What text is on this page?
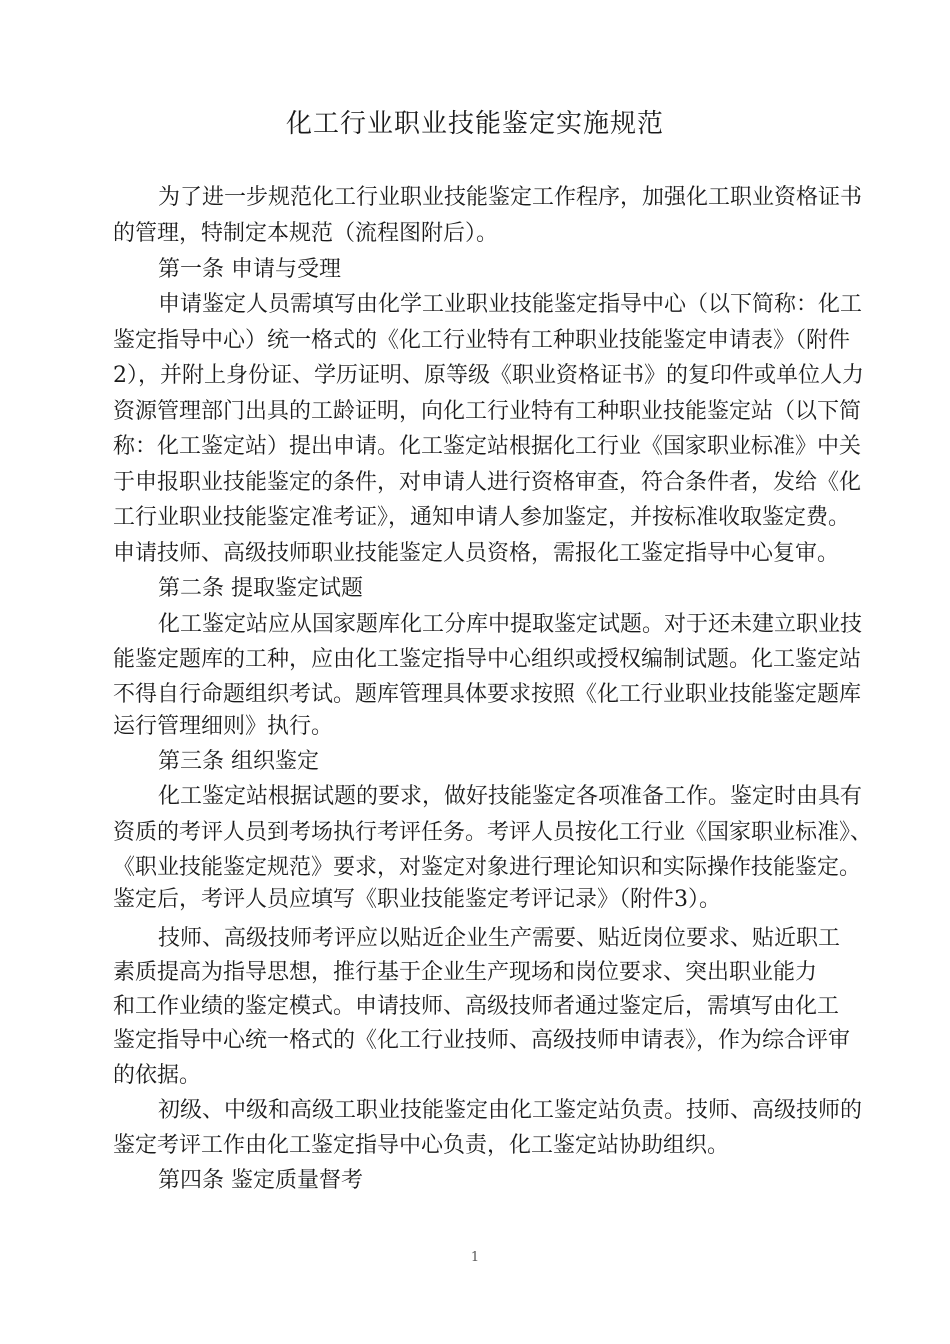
化工行业职业技能鉴定实施规范

为了进一步规范化工行业职业技能鉴定工作程序，加强化工职业资格证书

的管理，特制定本规范（流程图附后）。

第一条 申请与受理

申请鉴定人员需填写由化学工业职业技能鉴定指导中心（以下简称：化工

鉴定指导中心）统一格式的《化工行业特有工种职业技能鉴定申请表》（附件

2），并附上身份证、学历证明、原等级《职业资格证书》的复印件或单位人力

资源管理部门出具的工龄证明，向化工行业特有工种职业技能鉴定站（以下简

称：化工鉴定站）提出申请。化工鉴定站根据化工行业《国家职业标准》中关

于申报职业技能鉴定的条件，对申请人进行资格审查，符合条件者，发给《化

工行业职业技能鉴定准考证》，通知申请人参加鉴定，并按标准收取鉴定费。

申请技师、高级技师职业技能鉴定人员资格，需报化工鉴定指导中心复审。

第二条 提取鉴定试题

化工鉴定站应从国家题库化工分库中提取鉴定试题。对于还未建立职业技

能鉴定题库的工种，应由化工鉴定指导中心组织或授权编制试题。化工鉴定站

不得自行命题组织考试。题库管理具体要求按照《化工行业职业技能鉴定题库

运行管理细则》执行。

第三条 组织鉴定

化工鉴定站根据试题的要求，做好技能鉴定各项准备工作。鉴定时由具有

资质的考评人员到考场执行考评任务。考评人员按化工行业《国家职业标准》、

《职业技能鉴定规范》要求，对鉴定对象进行理论知识和实际操作技能鉴定。

鉴定后，考评人员应填写《职业技能鉴定考评记录》（附件3）。

技师、高级技师考评应以贴近企业生产需要、贴近岗位要求、贴近职工

素质提高为指导思想，推行基于企业生产现场和岗位要求、突出职业能力

和工作业绩的鉴定模式。申请技师、高级技师者通过鉴定后，需填写由化工

鉴定指导中心统一格式的《化工行业技师、高级技师申请表》，作为综合评审

的依据。

初级、中级和高级工职业技能鉴定由化工鉴定站负责。技师、高级技师的

鉴定考评工作由化工鉴定指导中心负责，化工鉴定站协助组织。

第四条 鉴定质量督考

1
